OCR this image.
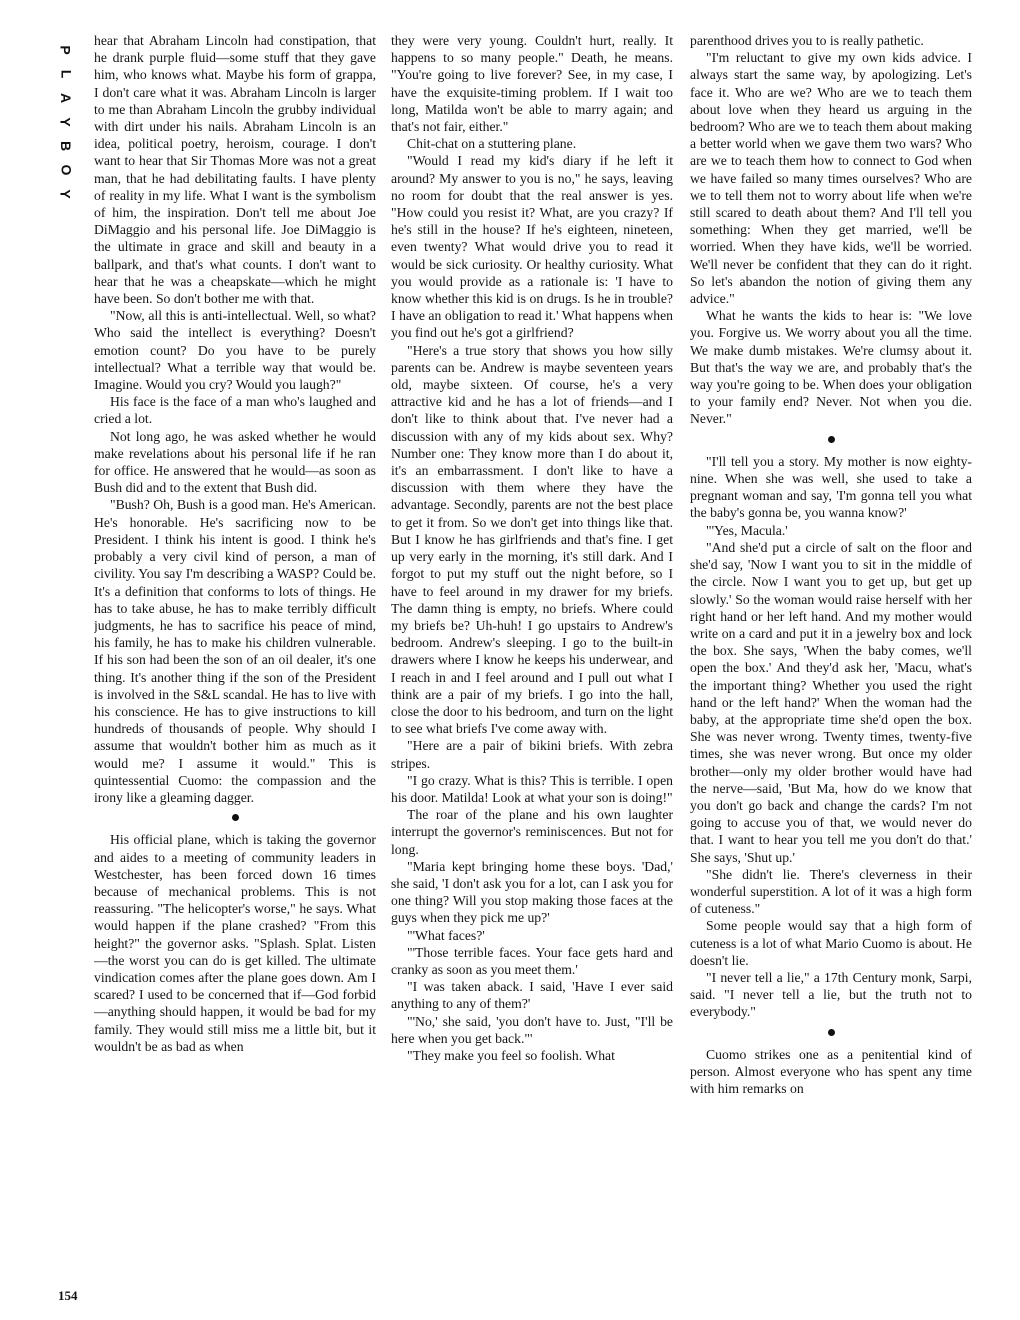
P
L
A
Y
B
O
Y
154

hear that Abraham Lincoln had constipation, that he drank purple fluid—some stuff that they gave him, who knows what. Maybe his form of grappa, I don't care what it was. Abraham Lincoln is larger to me than Abraham Lincoln the grubby individual with dirt under his nails. Abraham Lincoln is an idea, political poetry, heroism, courage. I don't want to hear that Sir Thomas More was not a great man, that he had debilitating faults. I have plenty of reality in my life. What I want is the symbolism of him, the inspiration. Don't tell me about Joe DiMaggio and his personal life. Joe DiMaggio is the ultimate in grace and skill and beauty in a ballpark, and that's what counts. I don't want to hear that he was a cheapskate—which he might have been. So don't bother me with that.

"Now, all this is anti-intellectual. Well, so what? Who said the intellect is everything? Doesn't emotion count? Do you have to be purely intellectual? What a terrible way that would be. Imagine. Would you cry? Would you laugh?"

His face is the face of a man who's laughed and cried a lot.

Not long ago, he was asked whether he would make revelations about his personal life if he ran for office. He answered that he would—as soon as Bush did and to the extent that Bush did.

"Bush? Oh, Bush is a good man. He's American. He's honorable. He's sacrificing now to be President. I think his intent is good. I think he's probably a very civil kind of person, a man of civility. You say I'm describing a WASP? Could be. It's a definition that conforms to lots of things. He has to take abuse, he has to make terribly difficult judgments, he has to sacrifice his peace of mind, his family, he has to make his children vulnerable. If his son had been the son of an oil dealer, it's one thing. It's another thing if the son of the President is involved in the S&L scandal. He has to live with his conscience. He has to give instructions to kill hundreds of thousands of people. Why should I assume that wouldn't bother him as much as it would me? I assume it would." This is quintessential Cuomo: the compassion and the irony like a gleaming dagger.

His official plane, which is taking the governor and aides to a meeting of community leaders in Westchester, has been forced down 16 times because of mechanical problems. This is not reassuring. "The helicopter's worse," he says. What would happen if the plane crashed? "From this height?" the governor asks. "Splash. Splat. Listen—the worst you can do is get killed. The ultimate vindication comes after the plane goes down. Am I scared? I used to be concerned that if—God forbid—anything should happen, it would be bad for my family. They would still miss me a little bit, but it wouldn't be as bad as when

they were very young. Couldn't hurt, really. It happens to so many people." Death, he means. "You're going to live forever? See, in my case, I have the exquisite-timing problem. If I wait too long, Matilda won't be able to marry again; and that's not fair, either."

Chit-chat on a stuttering plane.

"Would I read my kid's diary if he left it around? My answer to you is no," he says, leaving no room for doubt that the real answer is yes. "How could you resist it? What, are you crazy? If he's still in the house? If he's eighteen, nineteen, even twenty? What would drive you to read it would be sick curiosity. Or healthy curiosity. What you would provide as a rationale is: 'I have to know whether this kid is on drugs. Is he in trouble? I have an obligation to read it.' What happens when you find out he's got a girlfriend?

"Here's a true story that shows you how silly parents can be. Andrew is maybe seventeen years old, maybe sixteen. Of course, he's a very attractive kid and he has a lot of friends—and I don't like to think about that. I've never had a discussion with any of my kids about sex. Why? Number one: They know more than I do about it, it's an embarrassment. I don't like to have a discussion with them where they have the advantage. Secondly, parents are not the best place to get it from. So we don't get into things like that. But I know he has girlfriends and that's fine. I get up very early in the morning, it's still dark. And I forgot to put my stuff out the night before, so I have to feel around in my drawer for my briefs. The damn thing is empty, no briefs. Where could my briefs be? Uh-huh! I go upstairs to Andrew's bedroom. Andrew's sleeping. I go to the built-in drawers where I know he keeps his underwear, and I reach in and I feel around and I pull out what I think are a pair of my briefs. I go into the hall, close the door to his bedroom, and turn on the light to see what briefs I've come away with.

"Here are a pair of bikini briefs. With zebra stripes.

"I go crazy. What is this? This is terrible. I open his door. Matilda! Look at what your son is doing!"

The roar of the plane and his own laughter interrupt the governor's reminiscences. But not for long.

"Maria kept bringing home these boys. 'Dad,' she said, 'I don't ask you for a lot, can I ask you for one thing? Will you stop making those faces at the guys when they pick me up?'

"'What faces?'

"'Those terrible faces. Your face gets hard and cranky as soon as you meet them.'

"I was taken aback. I said, 'Have I ever said anything to any of them?'

"'No,' she said, 'you don't have to. Just, "I'll be here when you get back."'

"They make you feel so foolish. What

parenthood drives you to is really pathetic.

"I'm reluctant to give my own kids advice. I always start the same way, by apologizing. Let's face it. Who are we? Who are we to teach them about love when they heard us arguing in the bedroom? Who are we to teach them about making a better world when we gave them two wars? Who are we to teach them how to connect to God when we have failed so many times ourselves? Who are we to tell them not to worry about life when we're still scared to death about them? And I'll tell you something: When they get married, we'll be worried. When they have kids, we'll be worried. We'll never be confident that they can do it right. So let's abandon the notion of giving them any advice."

What he wants the kids to hear is: "We love you. Forgive us. We worry about you all the time. We make dumb mistakes. We're clumsy about it. But that's the way we are, and probably that's the way you're going to be. When does your obligation to your family end? Never. Not when you die. Never."

"I'll tell you a story. My mother is now eighty-nine. When she was well, she used to take a pregnant woman and say, 'I'm gonna tell you what the baby's gonna be, you wanna know?'

"'Yes, Macula.'

"And she'd put a circle of salt on the floor and she'd say, 'Now I want you to sit in the middle of the circle. Now I want you to get up, but get up slowly.' So the woman would raise herself with her right hand or her left hand. And my mother would write on a card and put it in a jewelry box and lock the box. She says, 'When the baby comes, we'll open the box.' And they'd ask her, 'Macu, what's the important thing? Whether you used the right hand or the left hand?' When the woman had the baby, at the appropriate time she'd open the box. She was never wrong. Twenty times, twenty-five times, she was never wrong. But once my older brother—only my older brother would have had the nerve—said, 'But Ma, how do we know that you don't go back and change the cards? I'm not going to accuse you of that, we would never do that. I want to hear you tell me you don't do that.' She says, 'Shut up.'

"She didn't lie. There's cleverness in their wonderful superstition. A lot of it was a high form of cuteness."

Some people would say that a high form of cuteness is a lot of what Mario Cuomo is about. He doesn't lie.

"I never tell a lie," a 17th Century monk, Sarpi, said. "I never tell a lie, but the truth not to everybody."

Cuomo strikes one as a penitential kind of person. Almost everyone who has spent any time with him remarks on
